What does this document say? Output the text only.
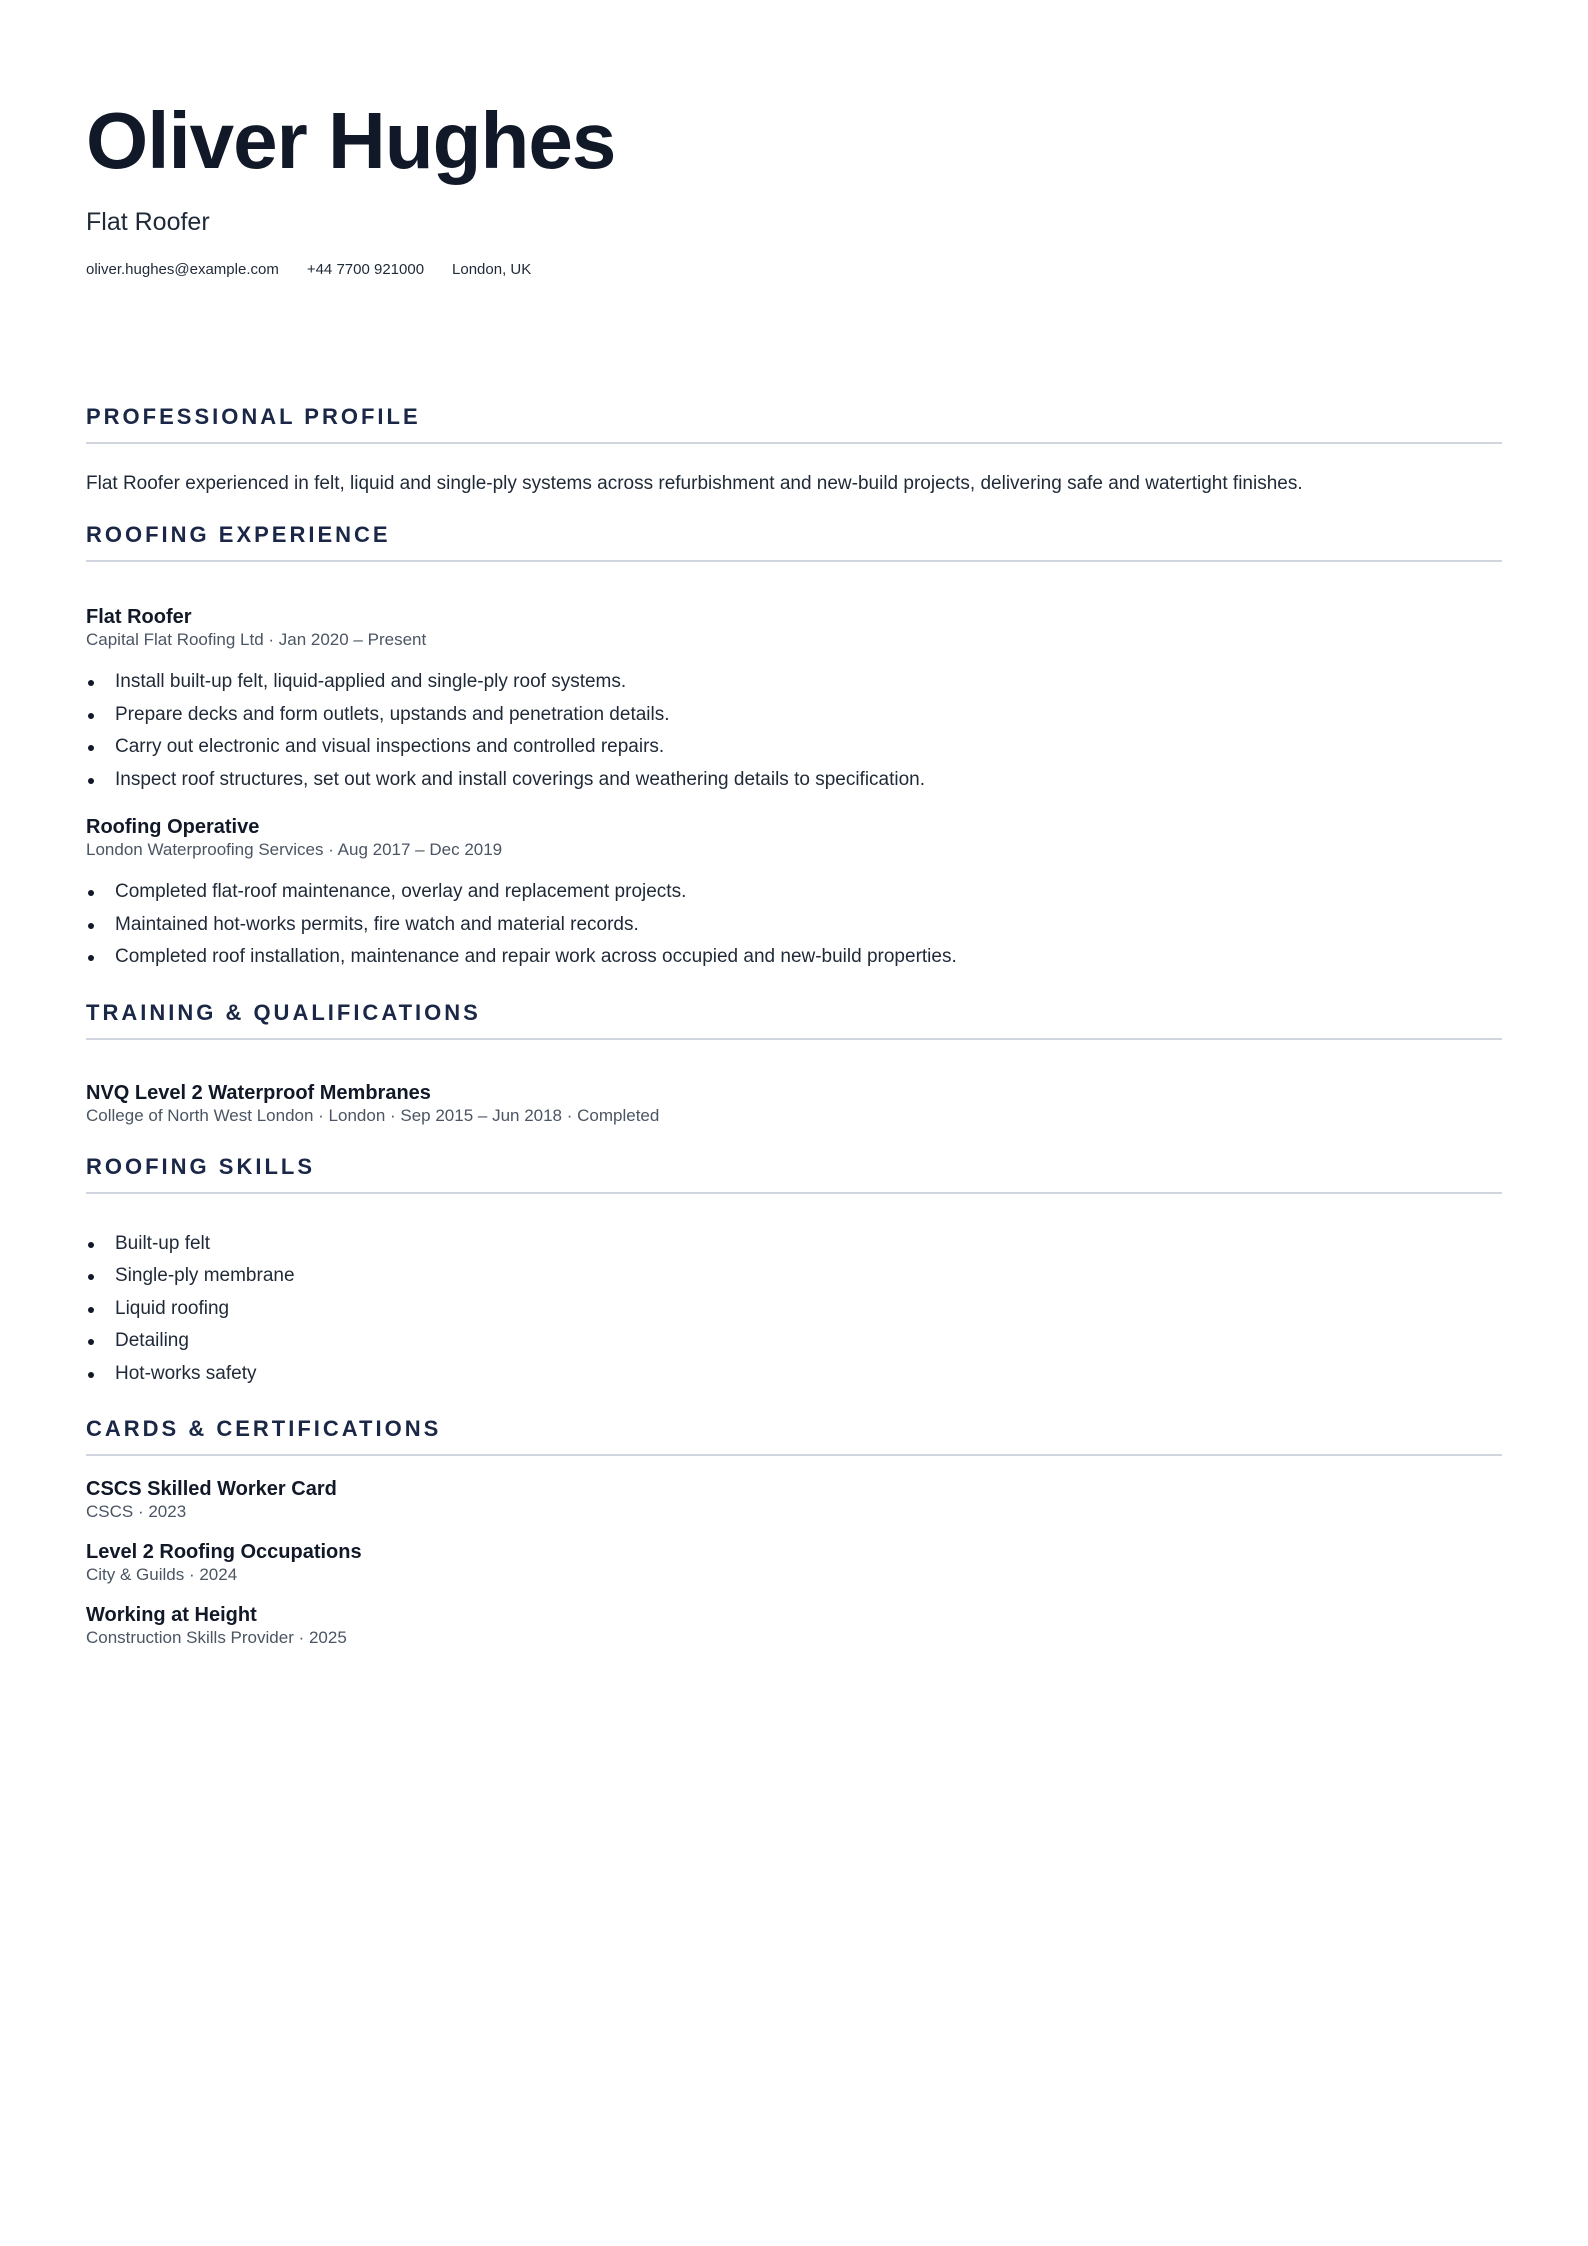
Oliver Hughes
Flat Roofer
oliver.hughes@example.com +44 7700 921000 London, UK
PROFESSIONAL PROFILE
Flat Roofer experienced in felt, liquid and single-ply systems across refurbishment and new-build projects, delivering safe and watertight finishes.
ROOFING EXPERIENCE
Flat Roofer
Capital Flat Roofing Ltd · Jan 2020 – Present
Install built-up felt, liquid-applied and single-ply roof systems.
Prepare decks and form outlets, upstands and penetration details.
Carry out electronic and visual inspections and controlled repairs.
Inspect roof structures, set out work and install coverings and weathering details to specification.
Roofing Operative
London Waterproofing Services · Aug 2017 – Dec 2019
Completed flat-roof maintenance, overlay and replacement projects.
Maintained hot-works permits, fire watch and material records.
Completed roof installation, maintenance and repair work across occupied and new-build properties.
TRAINING & QUALIFICATIONS
NVQ Level 2 Waterproof Membranes
College of North West London · London · Sep 2015 – Jun 2018 · Completed
ROOFING SKILLS
Built-up felt
Single-ply membrane
Liquid roofing
Detailing
Hot-works safety
CARDS & CERTIFICATIONS
CSCS Skilled Worker Card
CSCS · 2023
Level 2 Roofing Occupations
City & Guilds · 2024
Working at Height
Construction Skills Provider · 2025
